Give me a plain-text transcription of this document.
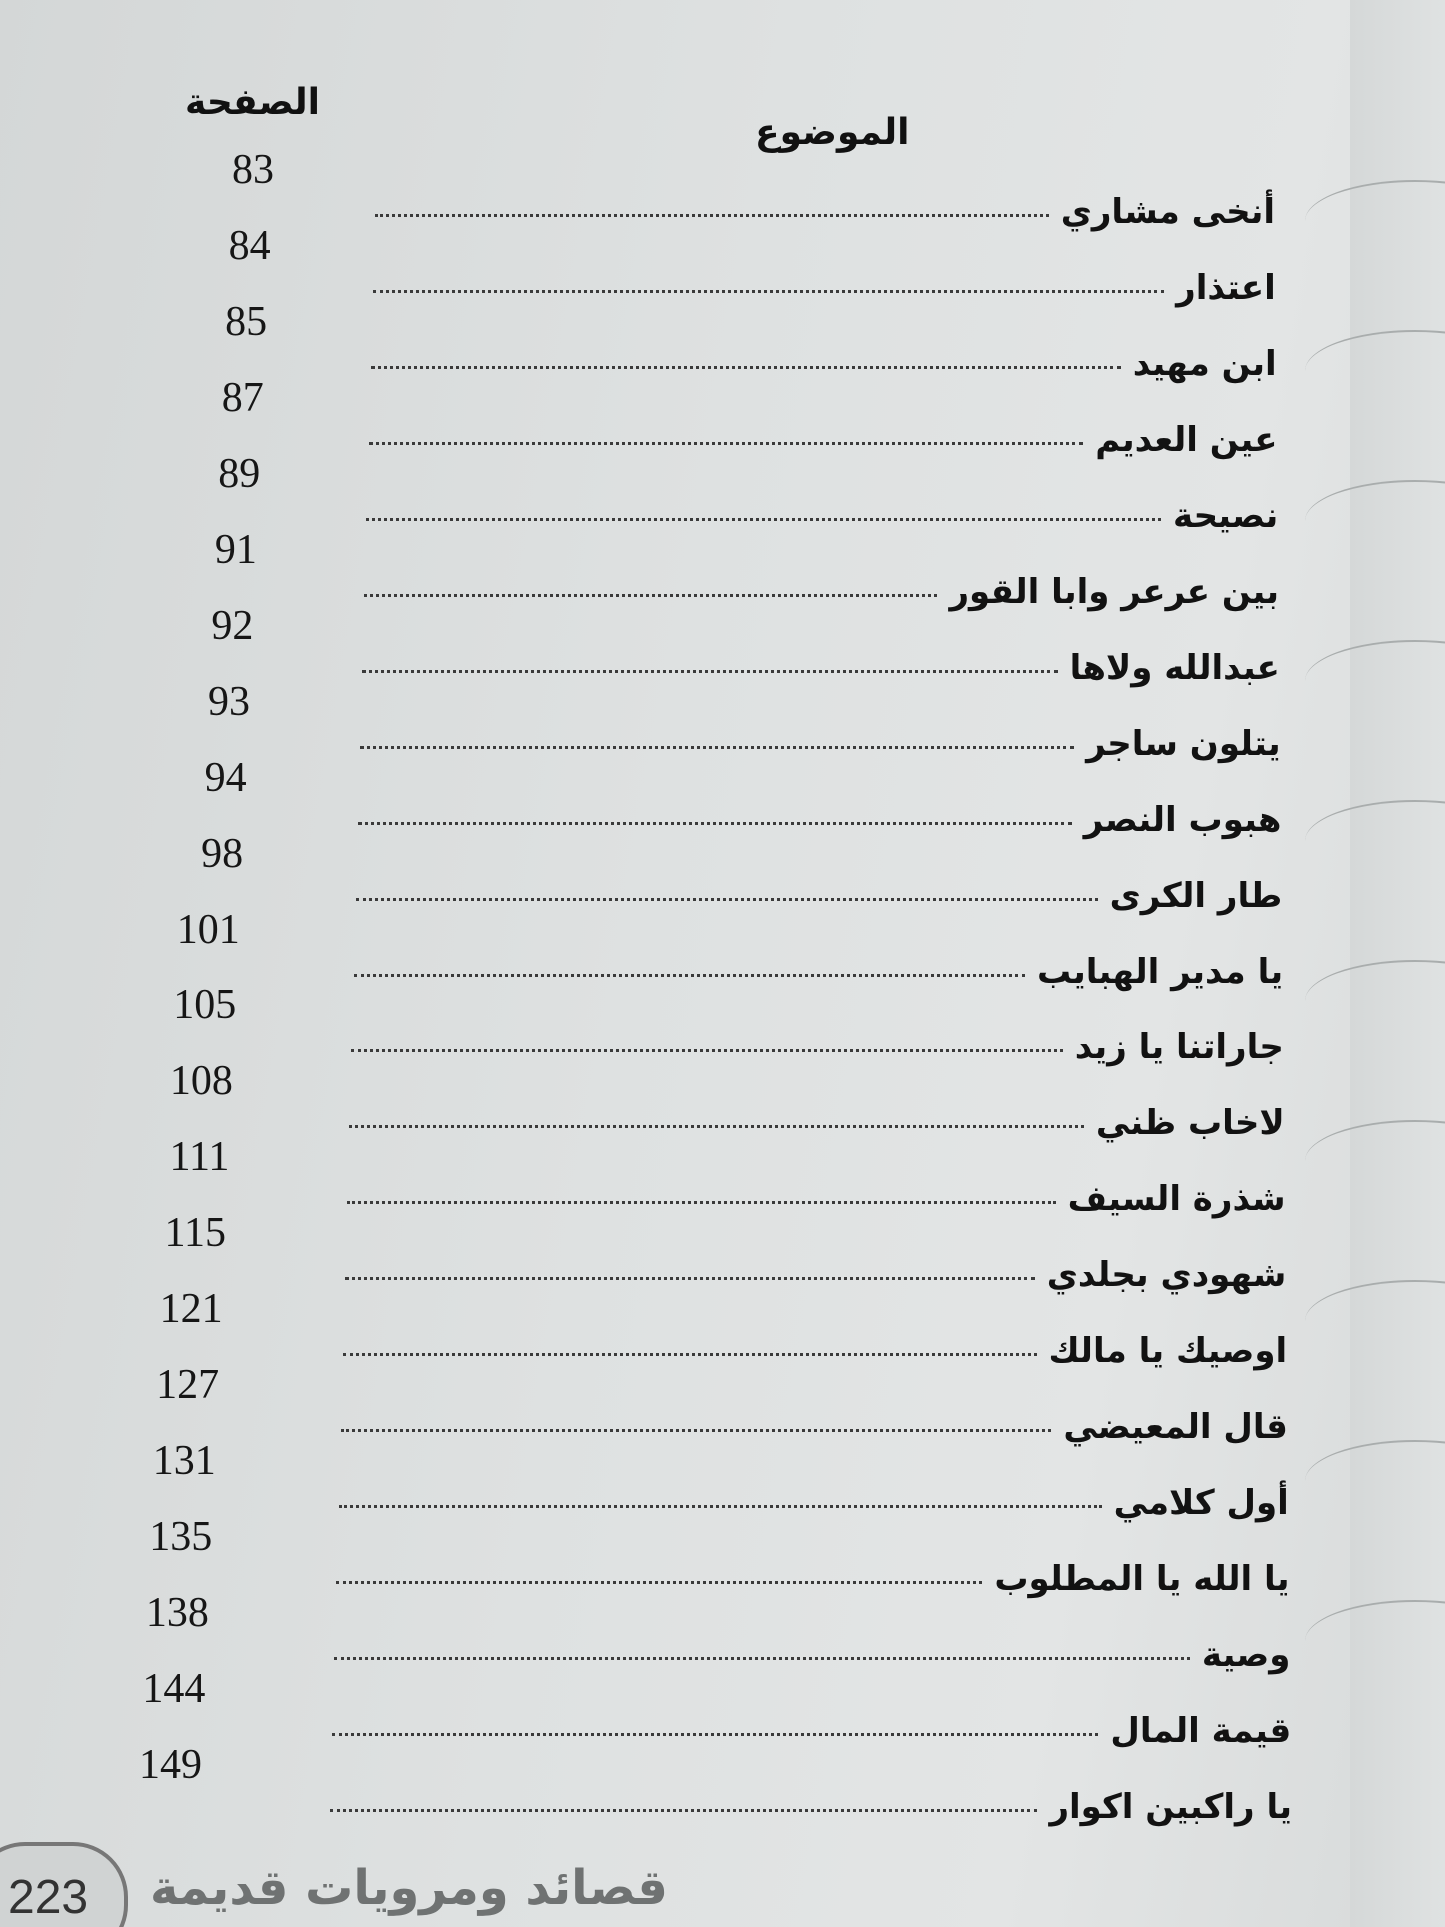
الصفحة
الموضوع
83
أنخى مشاري
84
اعتذار
85
ابن مهيد
87
عين العديم
89
نصيحة
91
بين عرعر وابا القور
92
عبدالله ولاها
93
يتلون ساجر
94
هبوب النصر
98
طار الكرى
101
يا مدير الهبايب
105
جاراتنا يا زيد
108
لاخاب ظني
111
شذرة السيف
115
شهودي بجلدي
121
اوصيك يا مالك
127
قال المعيضي
131
أول كلامي
135
يا الله يا المطلوب
138
وصية
144
قيمة المال
149
يا راكبين اكوار
223 قصائد ومرويات قديمة
